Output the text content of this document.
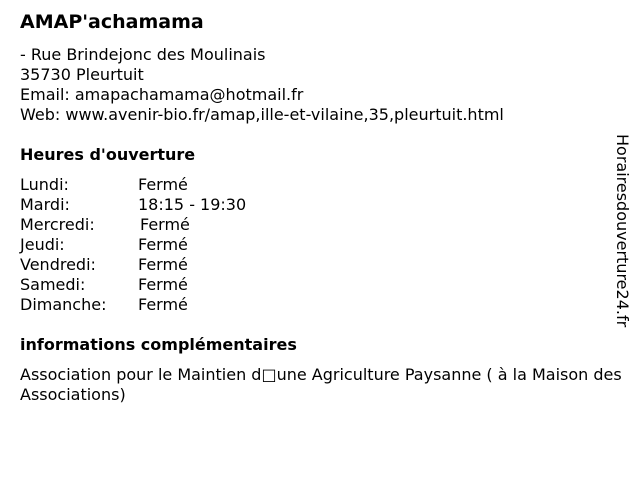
AMAP'achamama
- Rue Brindejonc des Moulinais
35730 Pleurtuit
Email: amapachamama@hotmail.fr
Web: www.avenir-bio.fr/amap,ille-et-vilaine,35,pleurtuit.html
Heures d'ouverture
Lundi:	Fermé
Mardi:	18:15 - 19:30
Mercredi:	Fermé
Jeudi:	Fermé
Vendredi:	Fermé
Samedi:	Fermé
Dimanche:	Fermé
informations complémentaires
Association pour le Maintien d□une Agriculture Paysanne ( à la Maison des Associations)
Horairesdouverture24.fr
